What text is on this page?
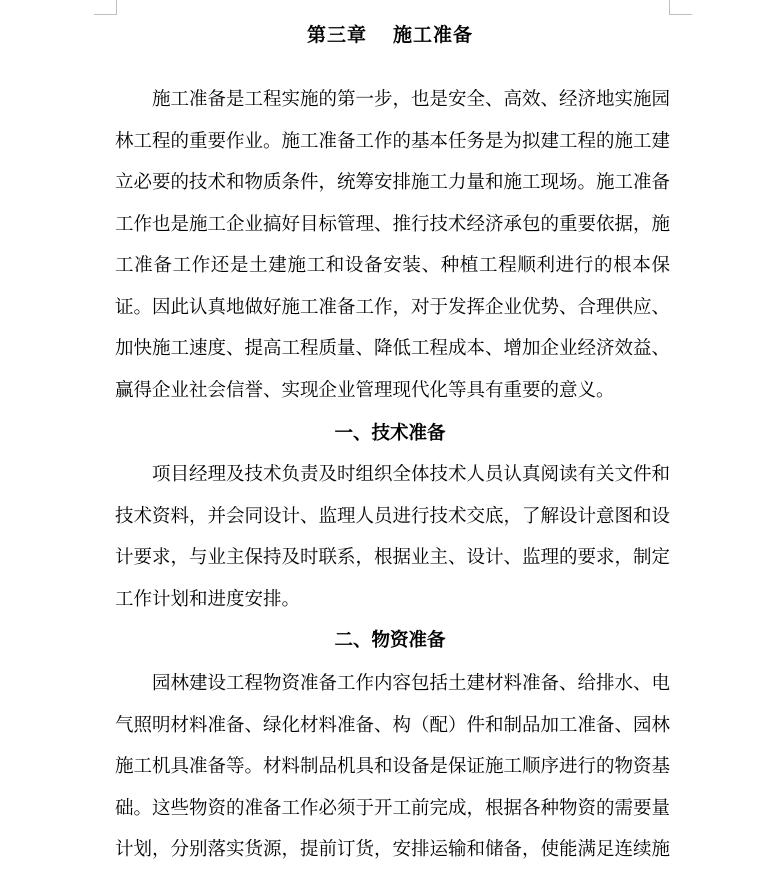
第三章 施工准备

施工准备是工程实施的第一步，也是安全、高效、经济地实施园林工程的重要作业。施工准备工作的基本任务是为拟建工程的施工建立必要的技术和物质条件，统筹安排施工力量和施工现场。施工准备工作也是施工企业搞好目标管理、推行技术经济承包的重要依据，施工准备工作还是土建施工和设备安装、种植工程顺利进行的根本保证。因此认真地做好施工准备工作，对于发挥企业优势、合理供应、加快施工速度、提高工程质量、降低工程成本、增加企业经济效益、赢得企业社会信誉、实现企业管理现代化等具有重要的意义。

一、技术准备

项目经理及技术负责及时组织全体技术人员认真阅读有关文件和技术资料，并会同设计、监理人员进行技术交底，了解设计意图和设计要求，与业主保持及时联系，根据业主、设计、监理的要求，制定工作计划和进度安排。

二、物资准备

园林建设工程物资准备工作内容包括土建材料准备、给排水、电气照明材料准备、绿化材料准备、构（配）件和制品加工准备、园林施工机具准备等。材料制品机具和设备是保证施工顺序进行的物资基础。这些物资的准备工作必须于开工前完成，根据各种物资的需要量计划，分别落实货源，提前订货，安排运输和储备，使能满足连续施
